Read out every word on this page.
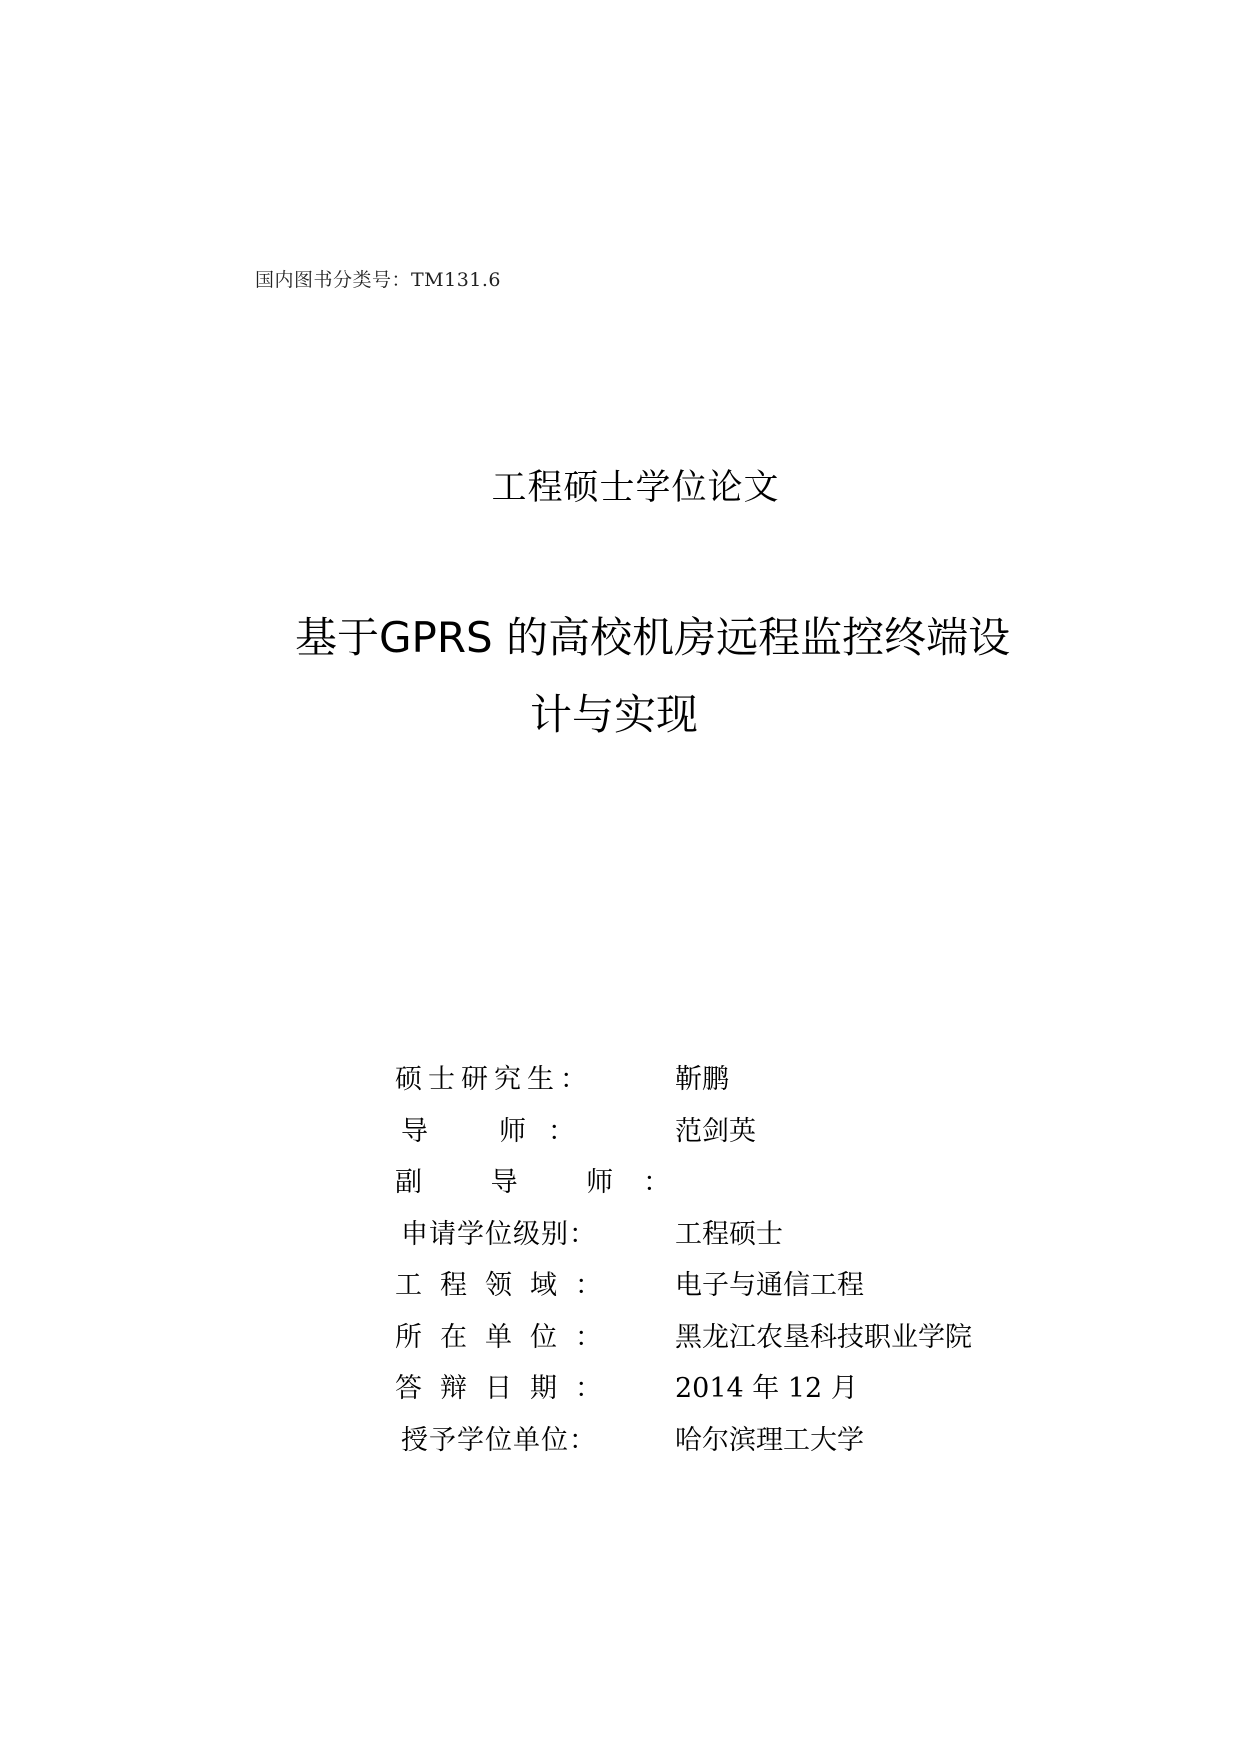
国内图书分类号：TM131.6
工程硕士学位论文
基于GPRS 的高校机房远程监控终端设
计与实现
硕士研究生：	靳鹏
导　师：	范剑英
副 导 师：
申请学位级别：	工程硕士
工程领域： 电子与通信工程
所在单位： 黑龙江农垦科技职业学院
答辩日期： 2014 年 12 月
授予学位单位：	哈尔滨理工大学
